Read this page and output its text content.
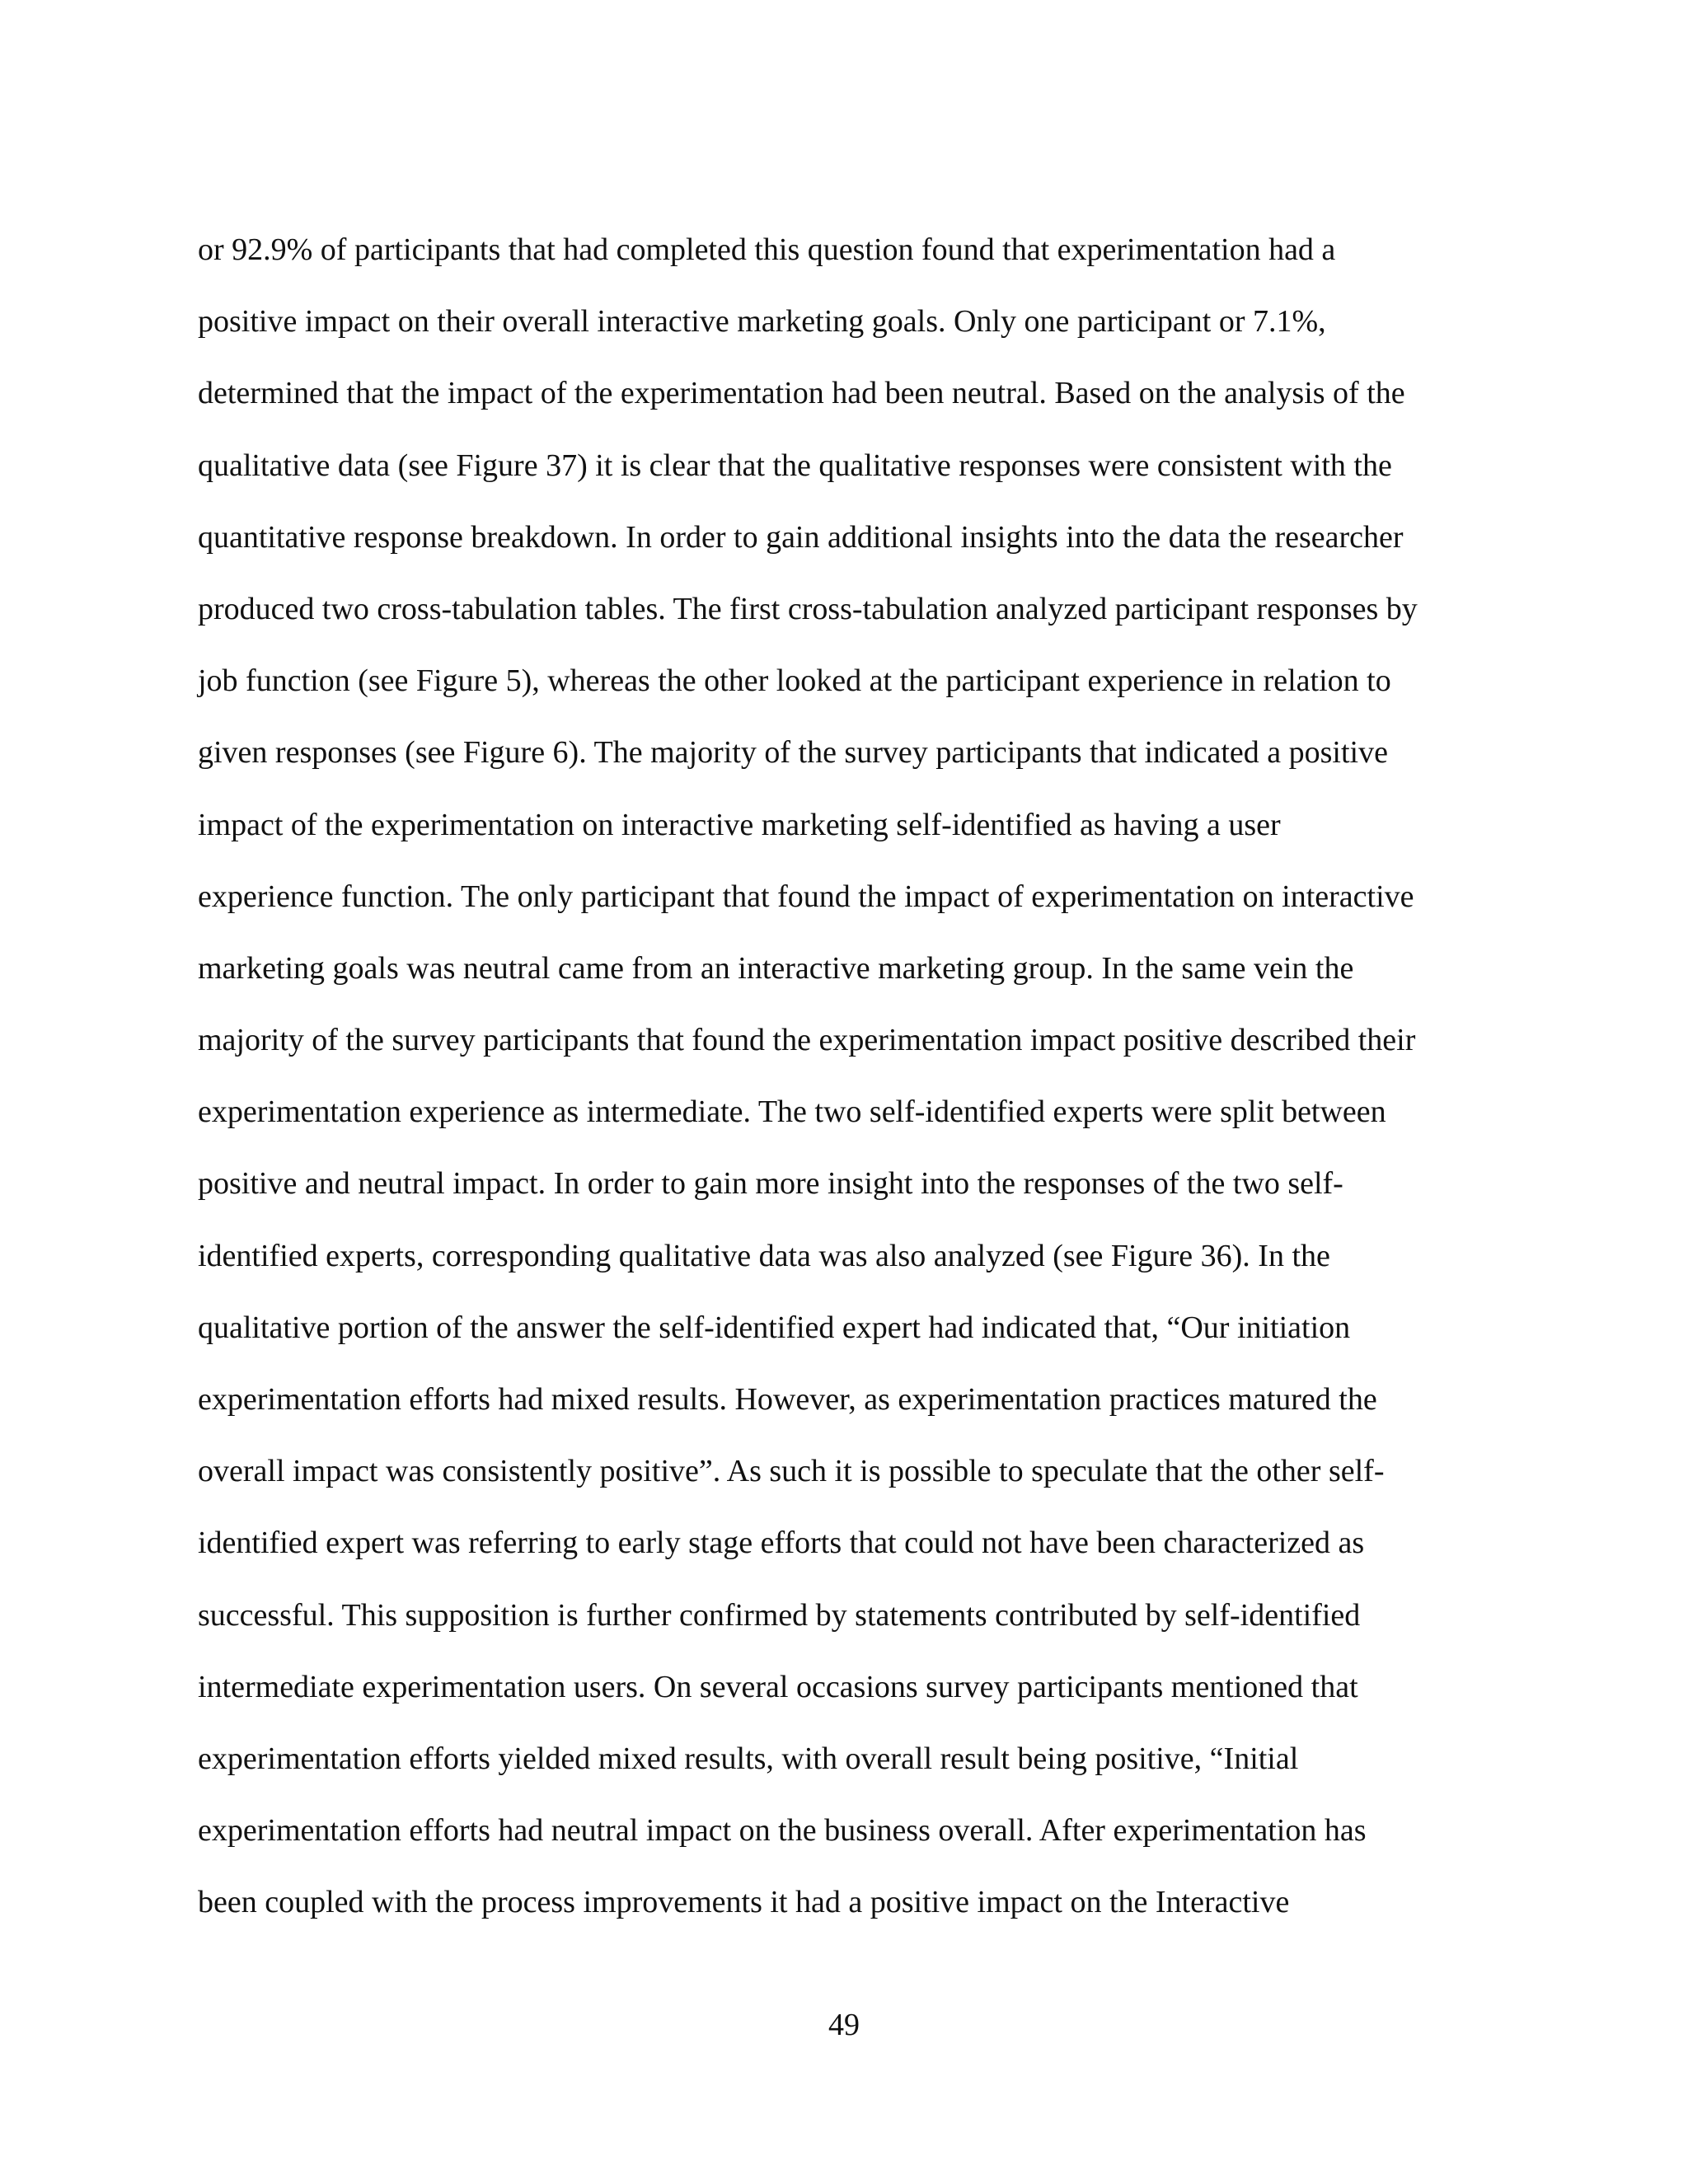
or 92.9% of participants that had completed this question found that experimentation had a
positive impact on their overall interactive marketing goals. Only one participant or 7.1%,
determined that the impact of the experimentation had been neutral. Based on the analysis of the
qualitative data (see Figure 37) it is clear that the qualitative responses were consistent with the
quantitative response breakdown. In order to gain additional insights into the data the researcher
produced two cross-tabulation tables. The first cross-tabulation analyzed participant responses by
job function (see Figure 5), whereas the other looked at the participant experience in relation to
given responses (see Figure 6). The majority of the survey participants that indicated a positive
impact of the experimentation on interactive marketing self-identified as having a user
experience function. The only participant that found the impact of experimentation on interactive
marketing goals was neutral came from an interactive marketing group. In the same vein the
majority of the survey participants that found the experimentation impact positive described their
experimentation experience as intermediate. The two self-identified experts were split between
positive and neutral impact. In order to gain more insight into the responses of the two self-
identified experts, corresponding qualitative data was also analyzed (see Figure 36). In the
qualitative portion of the answer the self-identified expert had indicated that, “Our initiation
experimentation efforts had mixed results. However, as experimentation practices matured the
overall impact was consistently positive”. As such it is possible to speculate that the other self-
identified expert was referring to early stage efforts that could not have been characterized as
successful. This supposition is further confirmed by statements contributed by self-identified
intermediate experimentation users. On several occasions survey participants mentioned that
experimentation efforts yielded mixed results, with overall result being positive, “Initial
experimentation efforts had neutral impact on the business overall. After experimentation has
been coupled with the process improvements it had a positive impact on the Interactive
49
